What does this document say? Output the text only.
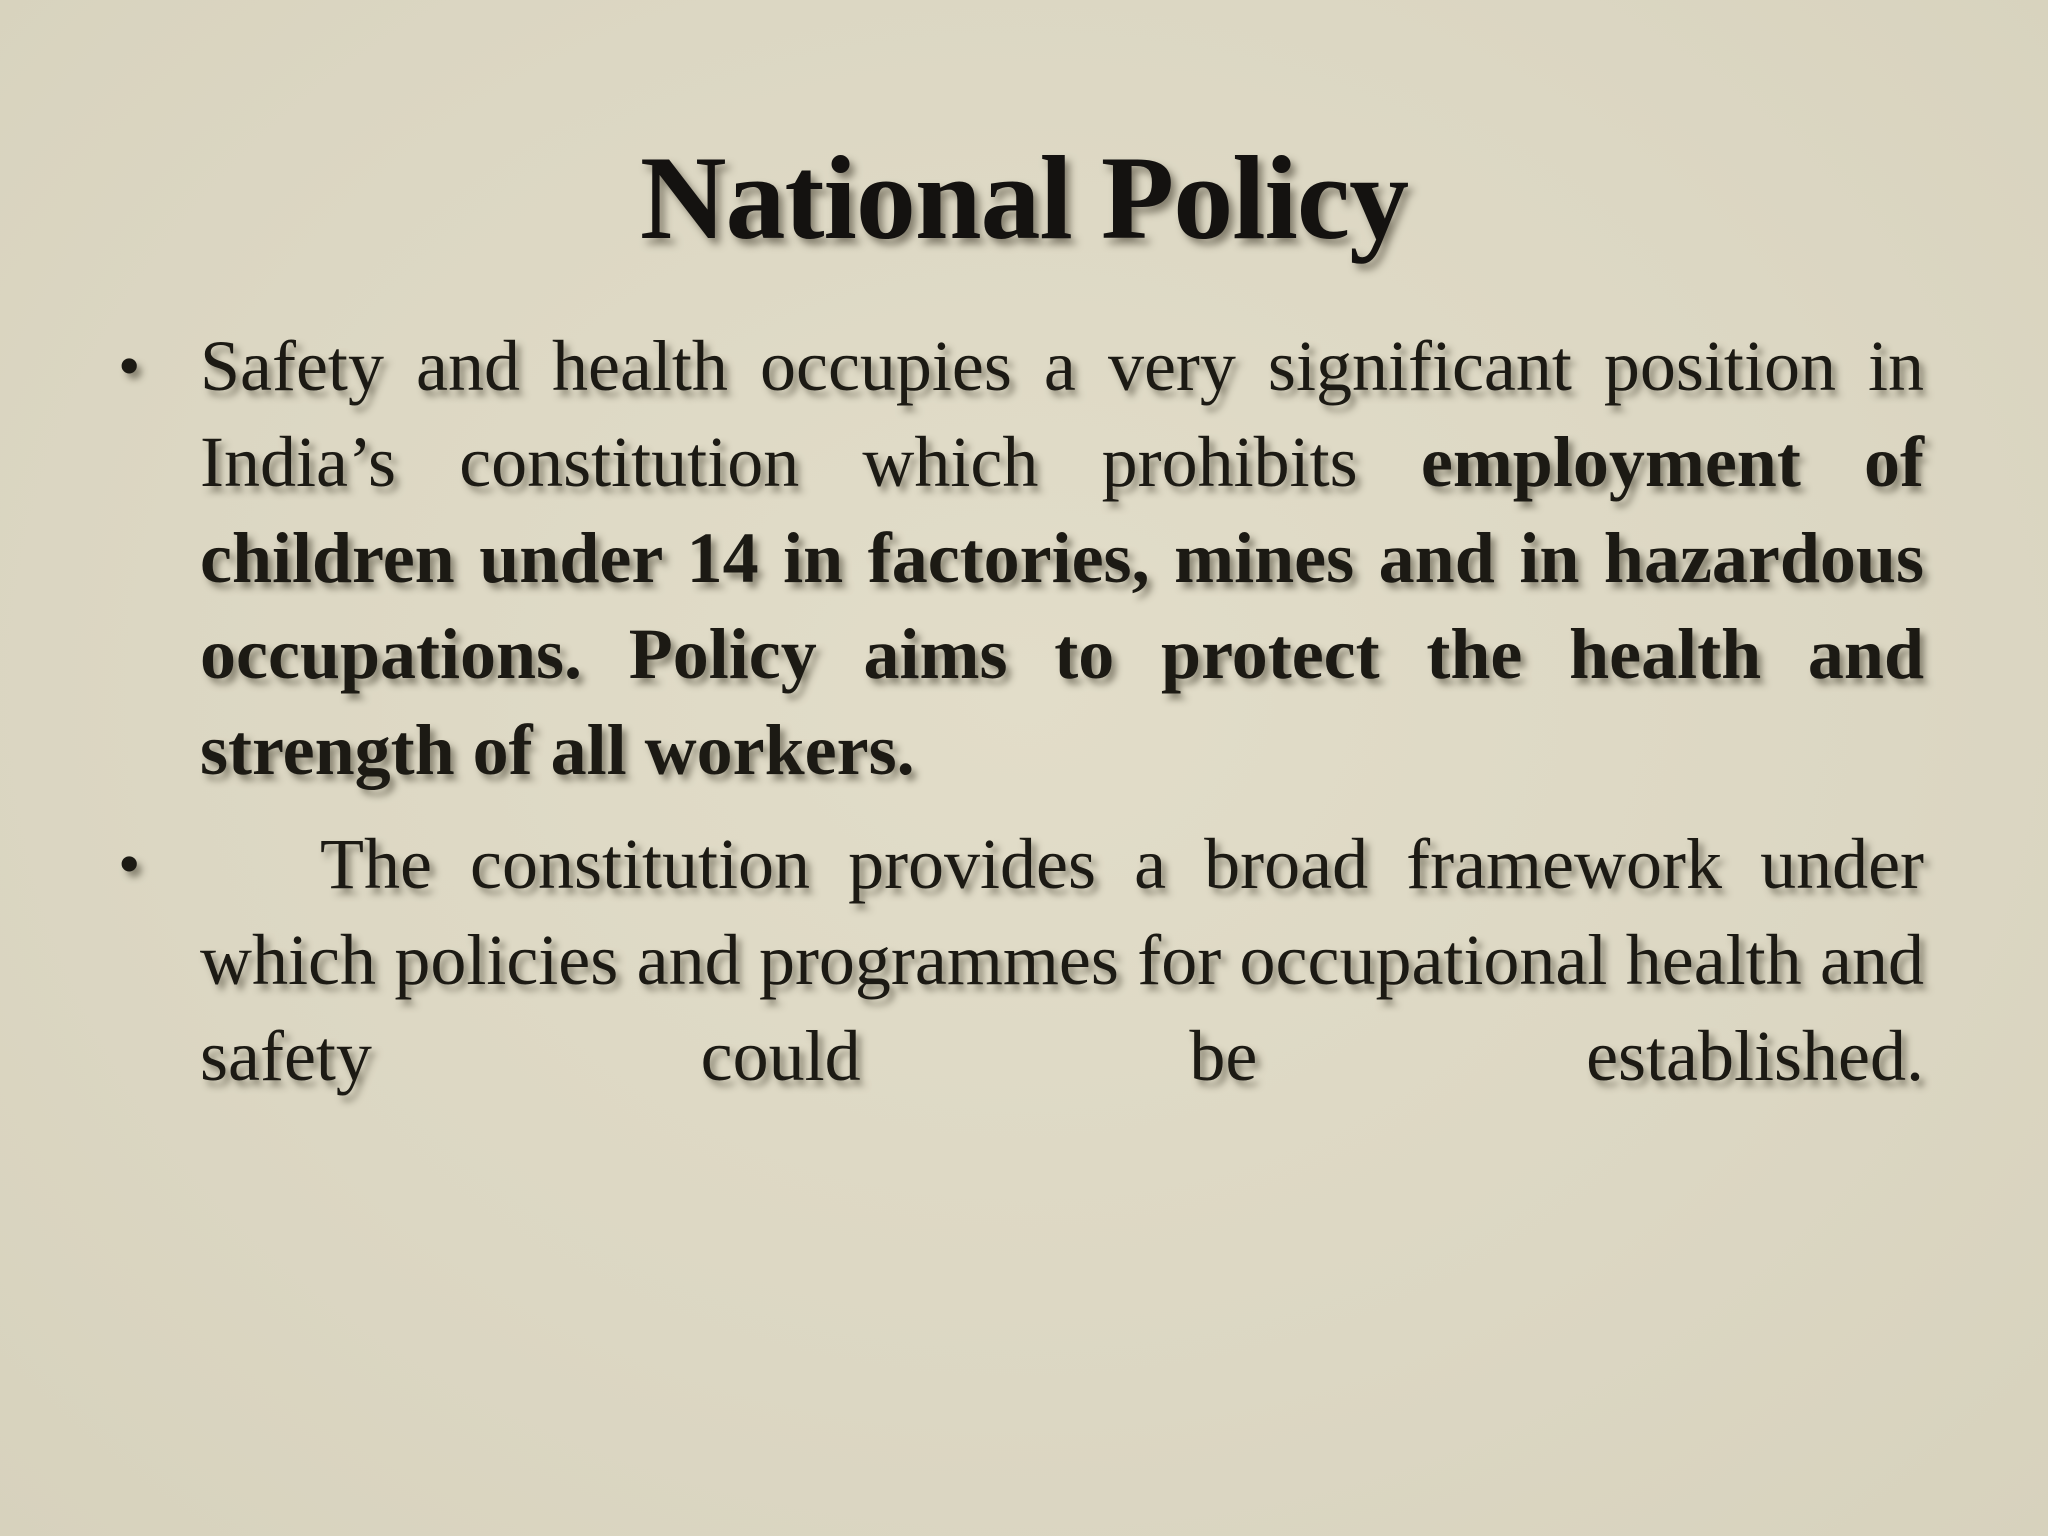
National Policy
• Safety and health occupies a very significant position in India’s constitution which prohibits employment of children under 14 in factories, mines and in hazardous occupations. Policy aims to protect the health and strength of all workers.
• The constitution provides a broad framework under which policies and programmes for occupational health and safety could be established.
